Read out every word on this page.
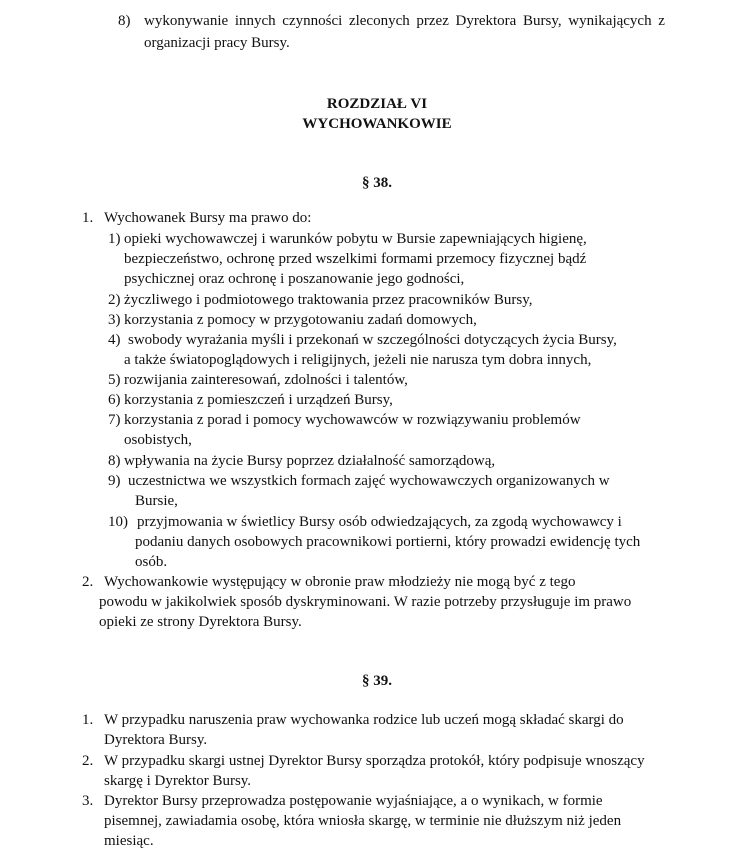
8) wykonywanie innych czynności zleconych przez Dyrektora Bursy, wynikających z
organizacji pracy Bursy.
ROZDZIAŁ VI
WYCHOWANKOWIE
§ 38.
1. Wychowanek Bursy ma prawo do:
1) opieki wychowawczej i warunków pobytu w Bursie zapewniających higienę,
bezpieczeństwo, ochronę przed wszelkimi formami przemocy fizycznej bądź
psychicznej oraz ochronę i poszanowanie jego godności,
2) życzliwego i podmiotowego traktowania przez pracowników Bursy,
3) korzystania z pomocy w przygotowaniu zadań domowych,
4) swobody wyrażania myśli i przekonań w szczególności dotyczących życia Bursy,
a także światopoglądowych i religijnych, jeżeli nie narusza tym dobra innych,
5) rozwijania zainteresowań, zdolności i talentów,
6) korzystania z pomieszczeń i urządzeń Bursy,
7) korzystania z porad i pomocy wychowawców w rozwiązywaniu problemów
osobistych,
8) wpływania na życie Bursy poprzez działalność samorządową,
9) uczestnictwa we wszystkich formach zajęć wychowawczych organizowanych w
Bursie,
10) przyjmowania w świetlicy Bursy osób odwiedzających, za zgodą wychowawcy i
podaniu danych osobowych pracownikowi portierni, który prowadzi ewidencję tych
osób.
2. Wychowankowie występujący w obronie praw młodzieży nie mogą być z tego
powodu w jakikolwiek sposób dyskryminowani. W razie potrzeby przysługuje im prawo
opieki ze strony Dyrektora Bursy.
§ 39.
1. W przypadku naruszenia praw wychowanka rodzice lub uczeń mogą składać skargi do
Dyrektora Bursy.
2. W przypadku skargi ustnej Dyrektor Bursy sporządza protokół, który podpisuje wnoszący
skargę i Dyrektor Bursy.
3. Dyrektor Bursy przeprowadza postępowanie wyjaśniające, a o wynikach, w formie
pisemnej, zawiadamia osobę, która wniosła skargę, w terminie nie dłuższym niż jeden
miesiąc.
